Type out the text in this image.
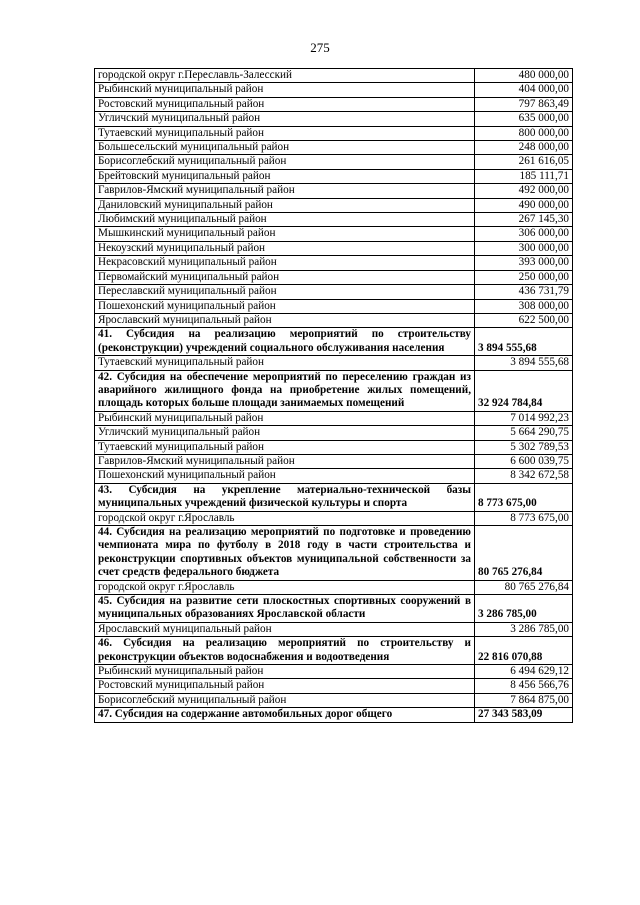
275
городской округ г.Переславль-Залесский	480 000,00
Рыбинский муниципальный район	404 000,00
Ростовский муниципальный район	797 863,49
Угличский муниципальный район	635 000,00
Тутаевский муниципальный район	800 000,00
Большесельский муниципальный район	248 000,00
Борисоглебский муниципальный район	261 616,05
Брейтовский муниципальный район	185 111,71
Гаврилов-Ямский муниципальный район	492 000,00
Даниловский муниципальный район	490 000,00
Любимский муниципальный район	267 145,30
Мышкинский муниципальный район	306 000,00
Некоузский муниципальный район	300 000,00
Некрасовский муниципальный район	393 000,00
Первомайский муниципальный район	250 000,00
Переславский муниципальный район	436 731,79
Пошехонский муниципальный район	308 000,00
Ярославский муниципальный район	622 500,00
41. Субсидия на реализацию мероприятий по строительству (реконструкции) учреждений социального обслуживания населения	3 894 555,68
Тутаевский муниципальный район	3 894 555,68
42. Субсидия на обеспечение мероприятий по переселению граждан из аварийного жилищного фонда на приобретение жилых помещений, площадь которых больше площади занимаемых помещений	32 924 784,84
Рыбинский муниципальный район	7 014 992,23
Угличский муниципальный район	5 664 290,75
Тутаевский муниципальный район	5 302 789,53
Гаврилов-Ямский муниципальный район	6 600 039,75
Пошехонский муниципальный район	8 342 672,58
43. Субсидия на укрепление материально-технической базы муниципальных учреждений физической культуры и спорта	8 773 675,00
городской округ г.Ярославль	8 773 675,00
44. Субсидия на реализацию мероприятий по подготовке и проведению чемпионата мира по футболу в 2018 году в части строительства и реконструкции спортивных объектов муниципальной собственности за счет средств федерального бюджета	80 765 276,84
городской округ г.Ярославль	80 765 276,84
45. Субсидия на развитие сети плоскостных спортивных сооружений в муниципальных образованиях Ярославской области	3 286 785,00
Ярославский муниципальный район	3 286 785,00
46. Субсидия на реализацию мероприятий по строительству и реконструкции объектов водоснабжения и водоотведения	22 816 070,88
Рыбинский муниципальный район	6 494 629,12
Ростовский муниципальный район	8 456 566,76
Борисоглебский муниципальный район	7 864 875,00
47. Субсидия на содержание автомобильных дорог общего	27 343 583,09
